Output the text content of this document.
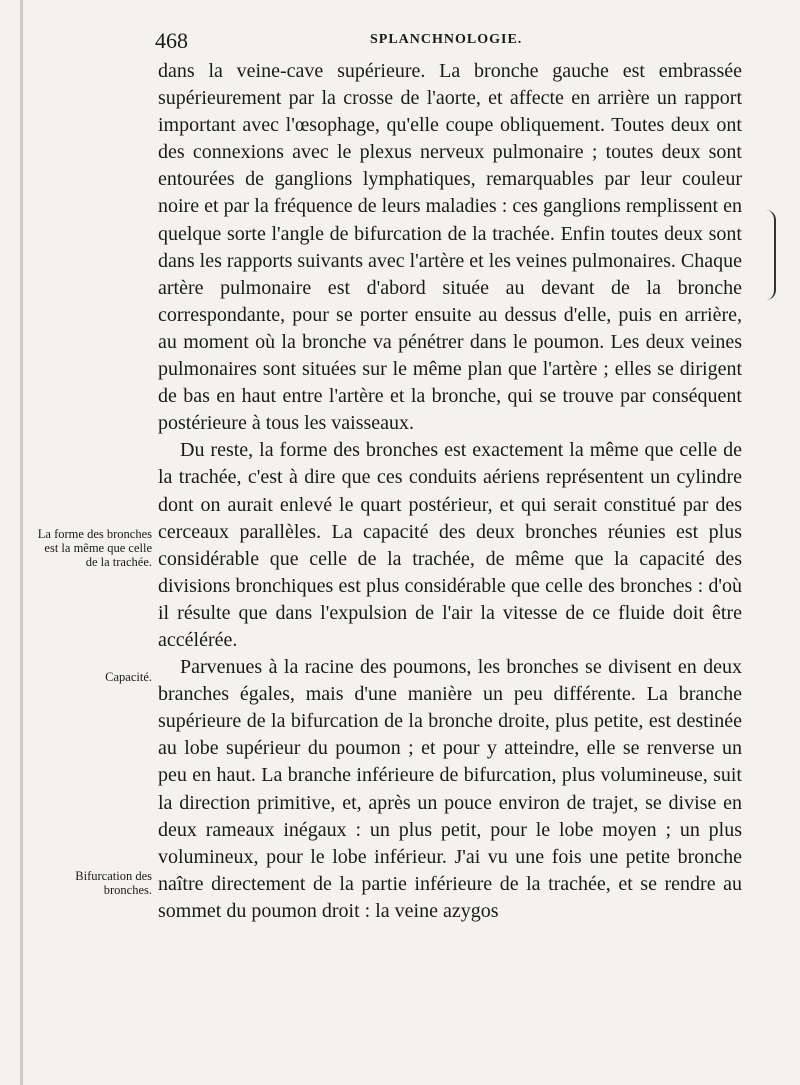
468	SPLANCHNOLOGIE.

dans la veine-cave supérieure. La bronche gauche est embrassée supérieurement par la crosse de l'aorte, et affecte en arrière un rapport important avec l'œsophage, qu'elle coupe obliquement. Toutes deux ont des connexions avec le plexus nerveux pulmonaire ; toutes deux sont entourées de ganglions lymphatiques, remarquables par leur couleur noire et par la fréquence de leurs maladies : ces ganglions remplissent en quelque sorte l'angle de bifurcation de la trachée. Enfin toutes deux sont dans les rapports suivants avec l'artère et les veines pulmonaires. Chaque artère pulmonaire est d'abord située au devant de la bronche correspondante, pour se porter ensuite au dessus d'elle, puis en arrière, au moment où la bronche va pénétrer dans le poumon. Les deux veines pulmonaires sont situées sur le même plan que l'artère ; elles se dirigent de bas en haut entre l'artère et la bronche, qui se trouve par conséquent postérieure à tous les vaisseaux.

Du reste, la forme des bronches est exactement la même que celle de la trachée, c'est à dire que ces conduits aériens représentent un cylindre dont on aurait enlevé le quart postérieur, et qui serait constitué par des cerceaux parallèles. La capacité des deux bronches réunies est plus considérable que celle de la trachée, de même que la capacité des divisions bronchiques est plus considérable que celle des bronches : d'où il résulte que dans l'expulsion de l'air la vitesse de ce fluide doit être accélérée.

Parvenues à la racine des poumons, les bronches se divisent en deux branches égales, mais d'une manière un peu différente. La branche supérieure de la bifurcation de la bronche droite, plus petite, est destinée au lobe supérieur du poumon ; et pour y atteindre, elle se renverse un peu en haut. La branche inférieure de bifurcation, plus volumineuse, suit la direction primitive, et, après un pouce environ de trajet, se divise en deux rameaux inégaux : un plus petit, pour le lobe moyen ; un plus volumineux, pour le lobe inférieur. J'ai vu une fois une petite bronche naître directement de la partie inférieure de la trachée, et se rendre au sommet du poumon droit : la veine azygos

La forme des bronches est la même que celle de la trachée.
Capacité.
Bifurcation des bronches.
